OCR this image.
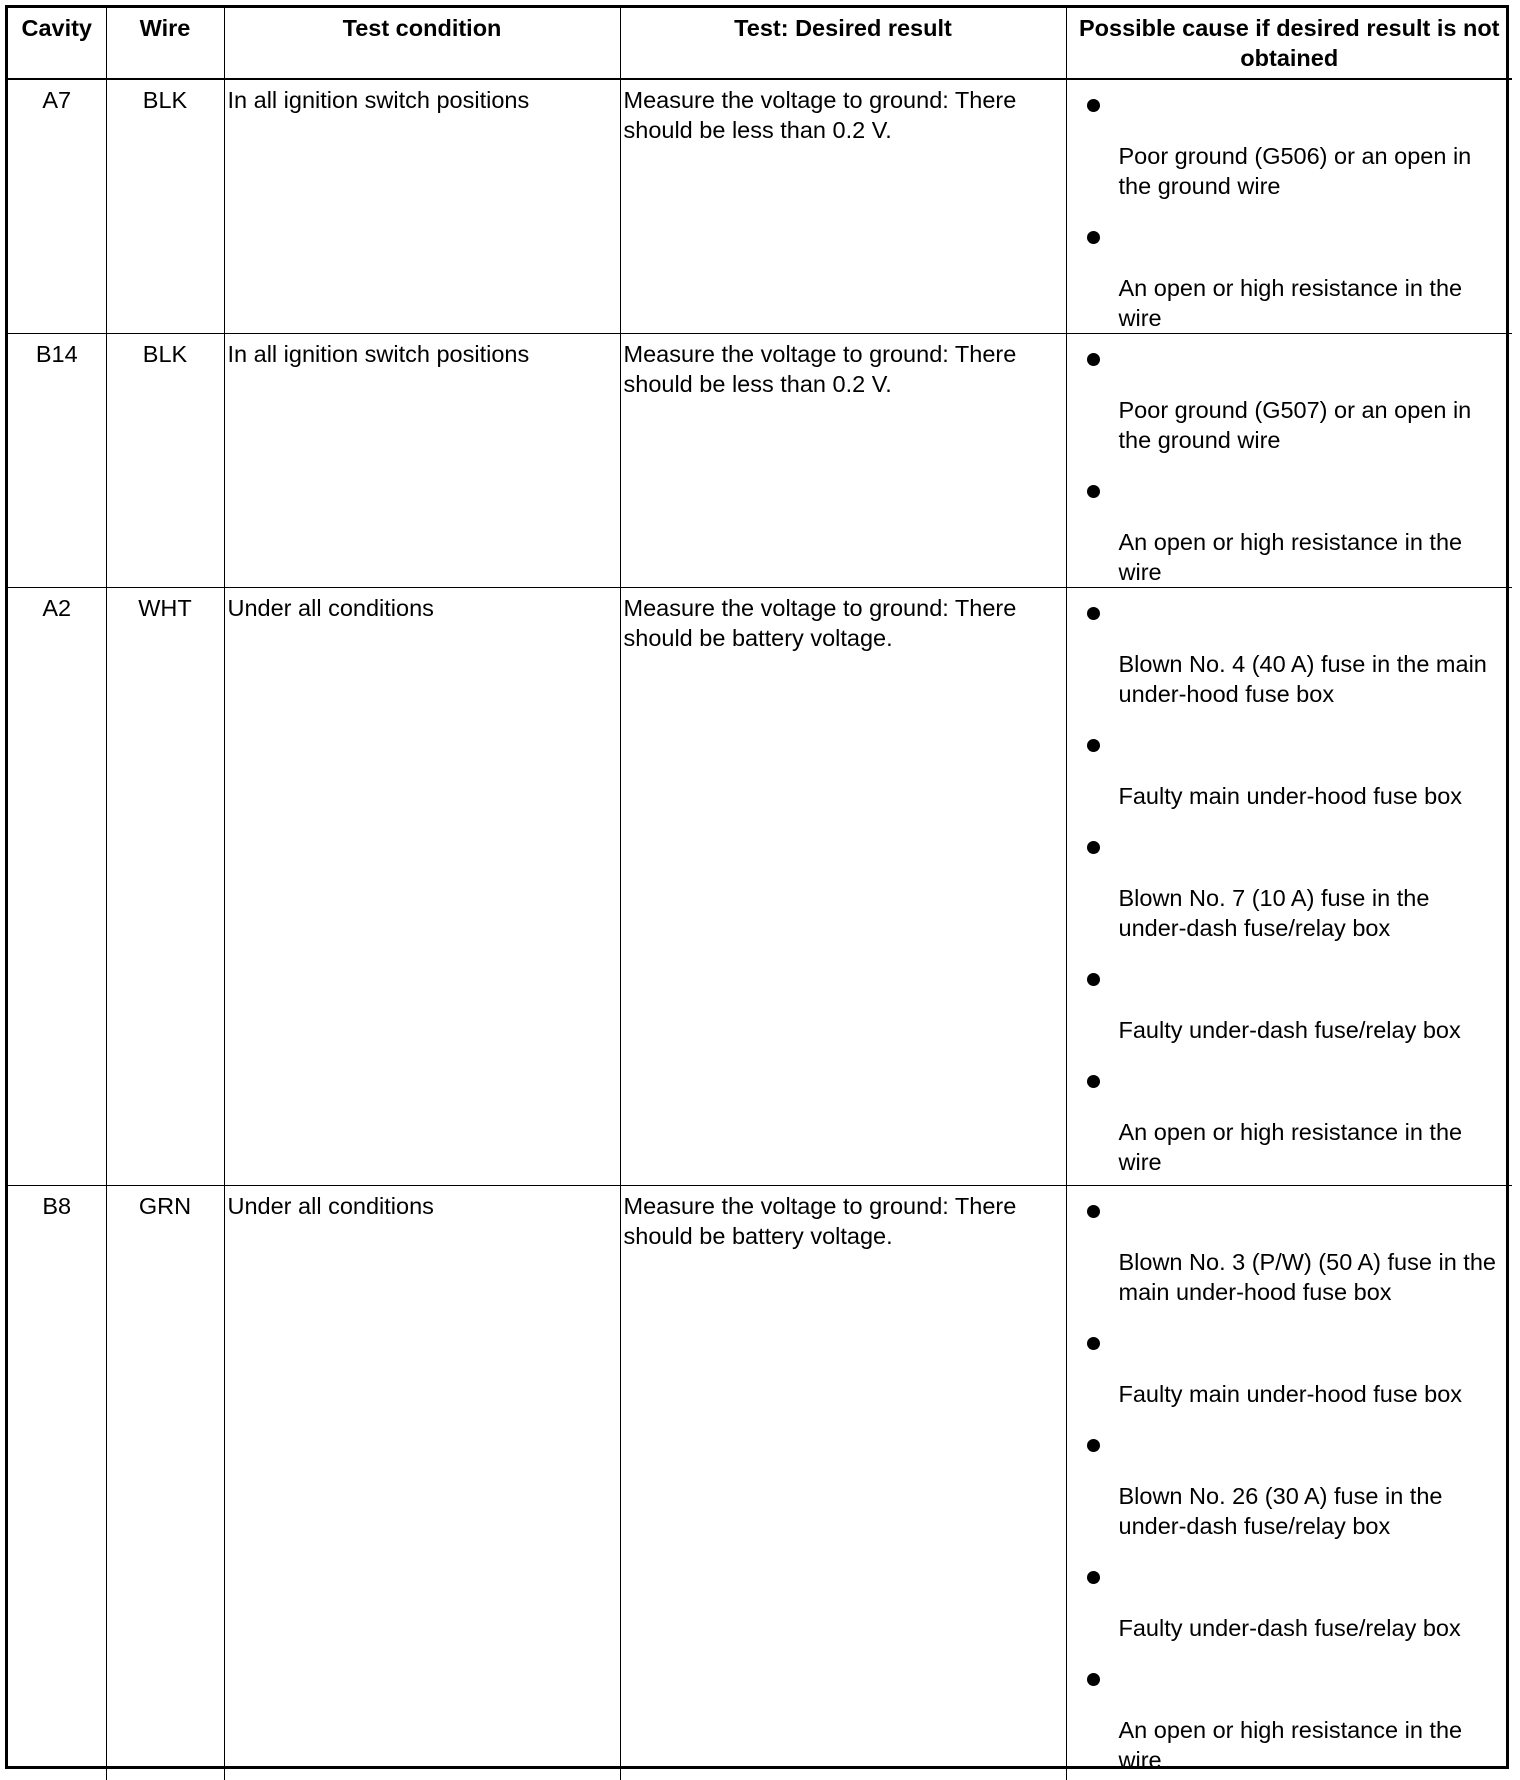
Cavity	Wire	Test condition	Test: Desired result	Possible cause if desired result is not obtained
A7	BLK	In all ignition switch positions	Measure the voltage to ground: There should be less than 0.2 V.	Poor ground (G506) or an open in the ground wire
An open or high resistance in the wire

B14	BLK	In all ignition switch positions	Measure the voltage to ground: There should be less than 0.2 V.	Poor ground (G507) or an open in the ground wire
An open or high resistance in the wire

A2	WHT	Under all conditions	Measure the voltage to ground: There should be battery voltage.	Blown No. 4 (40 A) fuse in the main under-hood fuse box
Faulty main under-hood fuse box
Blown No. 7 (10 A) fuse in the under-dash fuse/relay box
Faulty under-dash fuse/relay box
An open or high resistance in the wire

B8	GRN	Under all conditions	Measure the voltage to ground: There should be battery voltage.	Blown No. 3 (P/W) (50 A) fuse in the main under-hood fuse box
Faulty main under-hood fuse box
Blown No. 26 (30 A) fuse in the under-dash fuse/relay box
Faulty under-dash fuse/relay box
An open or high resistance in the wire
